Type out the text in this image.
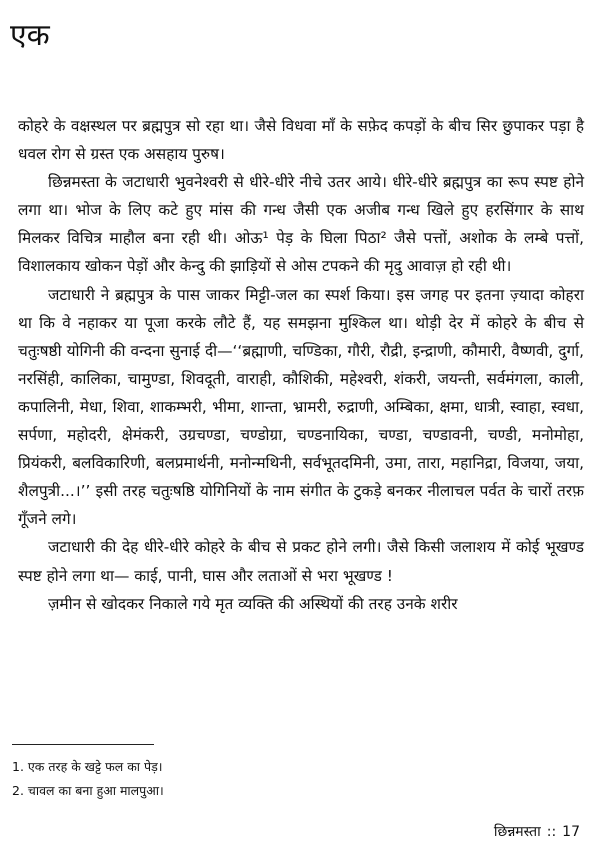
एक

कोहरे के वक्षस्थल पर ब्रह्मपुत्र सो रहा था। जैसे विधवा माँ के सफ़ेद कपड़ों के बीच सिर छुपाकर पड़ा है धवल रोग से ग्रस्त एक असहाय पुरुष।

छिन्नमस्ता के जटाधारी भुवनेश्वरी से धीरे-धीरे नीचे उतर आये। धीरे-धीरे ब्रह्मपुत्र का रूप स्पष्ट होने लगा था। भोज के लिए कटे हुए मांस की गन्ध जैसी एक अजीब गन्ध खिले हुए हरसिंगार के साथ मिलकर विचित्र माहौल बना रही थी। ओऊ¹ पेड़ के घिला पिठा² जैसे पत्तों, अशोक के लम्बे पत्तों, विशालकाय खोकन पेड़ों और केन्दु की झाड़ियों से ओस टपकने की मृदु आवाज़ हो रही थी।

जटाधारी ने ब्रह्मपुत्र के पास जाकर मिट्टी-जल का स्पर्श किया। इस जगह पर इतना ज़्यादा कोहरा था कि वे नहाकर या पूजा करके लौटे हैं, यह समझना मुश्किल था। थोड़ी देर में कोहरे के बीच से चतुःषष्ठी योगिनी की वन्दना सुनाई दी—‘‘ब्रह्माणी, चण्डिका, गौरी, रौद्री, इन्द्राणी, कौमारी, वैष्णवी, दुर्गा, नरसिंही, कालिका, चामुण्डा, शिवदूती, वाराही, कौशिकी, महेश्वरी, शंकरी, जयन्ती, सर्वमंगला, काली, कपालिनी, मेधा, शिवा, शाकम्भरी, भीमा, शान्ता, भ्रामरी, रुद्राणी, अम्बिका, क्षमा, धात्री, स्वाहा, स्वधा, सर्पणा, महोदरी, क्षेमंकरी, उग्रचण्डा, चण्डोग्रा, चण्डनायिका, चण्डा, चण्डावनी, चण्डी, मनोमोहा, प्रियंकरी, बलविकारिणी, बलप्रमार्थनी, मनोन्मथिनी, सर्वभूतदमिनी, उमा, तारा, महानिद्रा, विजया, जया, शैलपुत्री...।’’ इसी तरह चतुःषष्ठि योगिनियों के नाम संगीत के टुकड़े बनकर नीलाचल पर्वत के चारों तरफ़ गूँजने लगे।

जटाधारी की देह धीरे-धीरे कोहरे के बीच से प्रकट होने लगी। जैसे किसी जलाशय में कोई भूखण्ड स्पष्ट होने लगा था— काई, पानी, घास और लताओं से भरा भूखण्ड !

ज़मीन से खोदकर निकाले गये मृत व्यक्ति की अस्थियों की तरह उनके शरीर

1. एक तरह के खट्टे फल का पेड़।

2. चावल का बना हुआ मालपुआ।

छिन्नमस्ता :: 17
